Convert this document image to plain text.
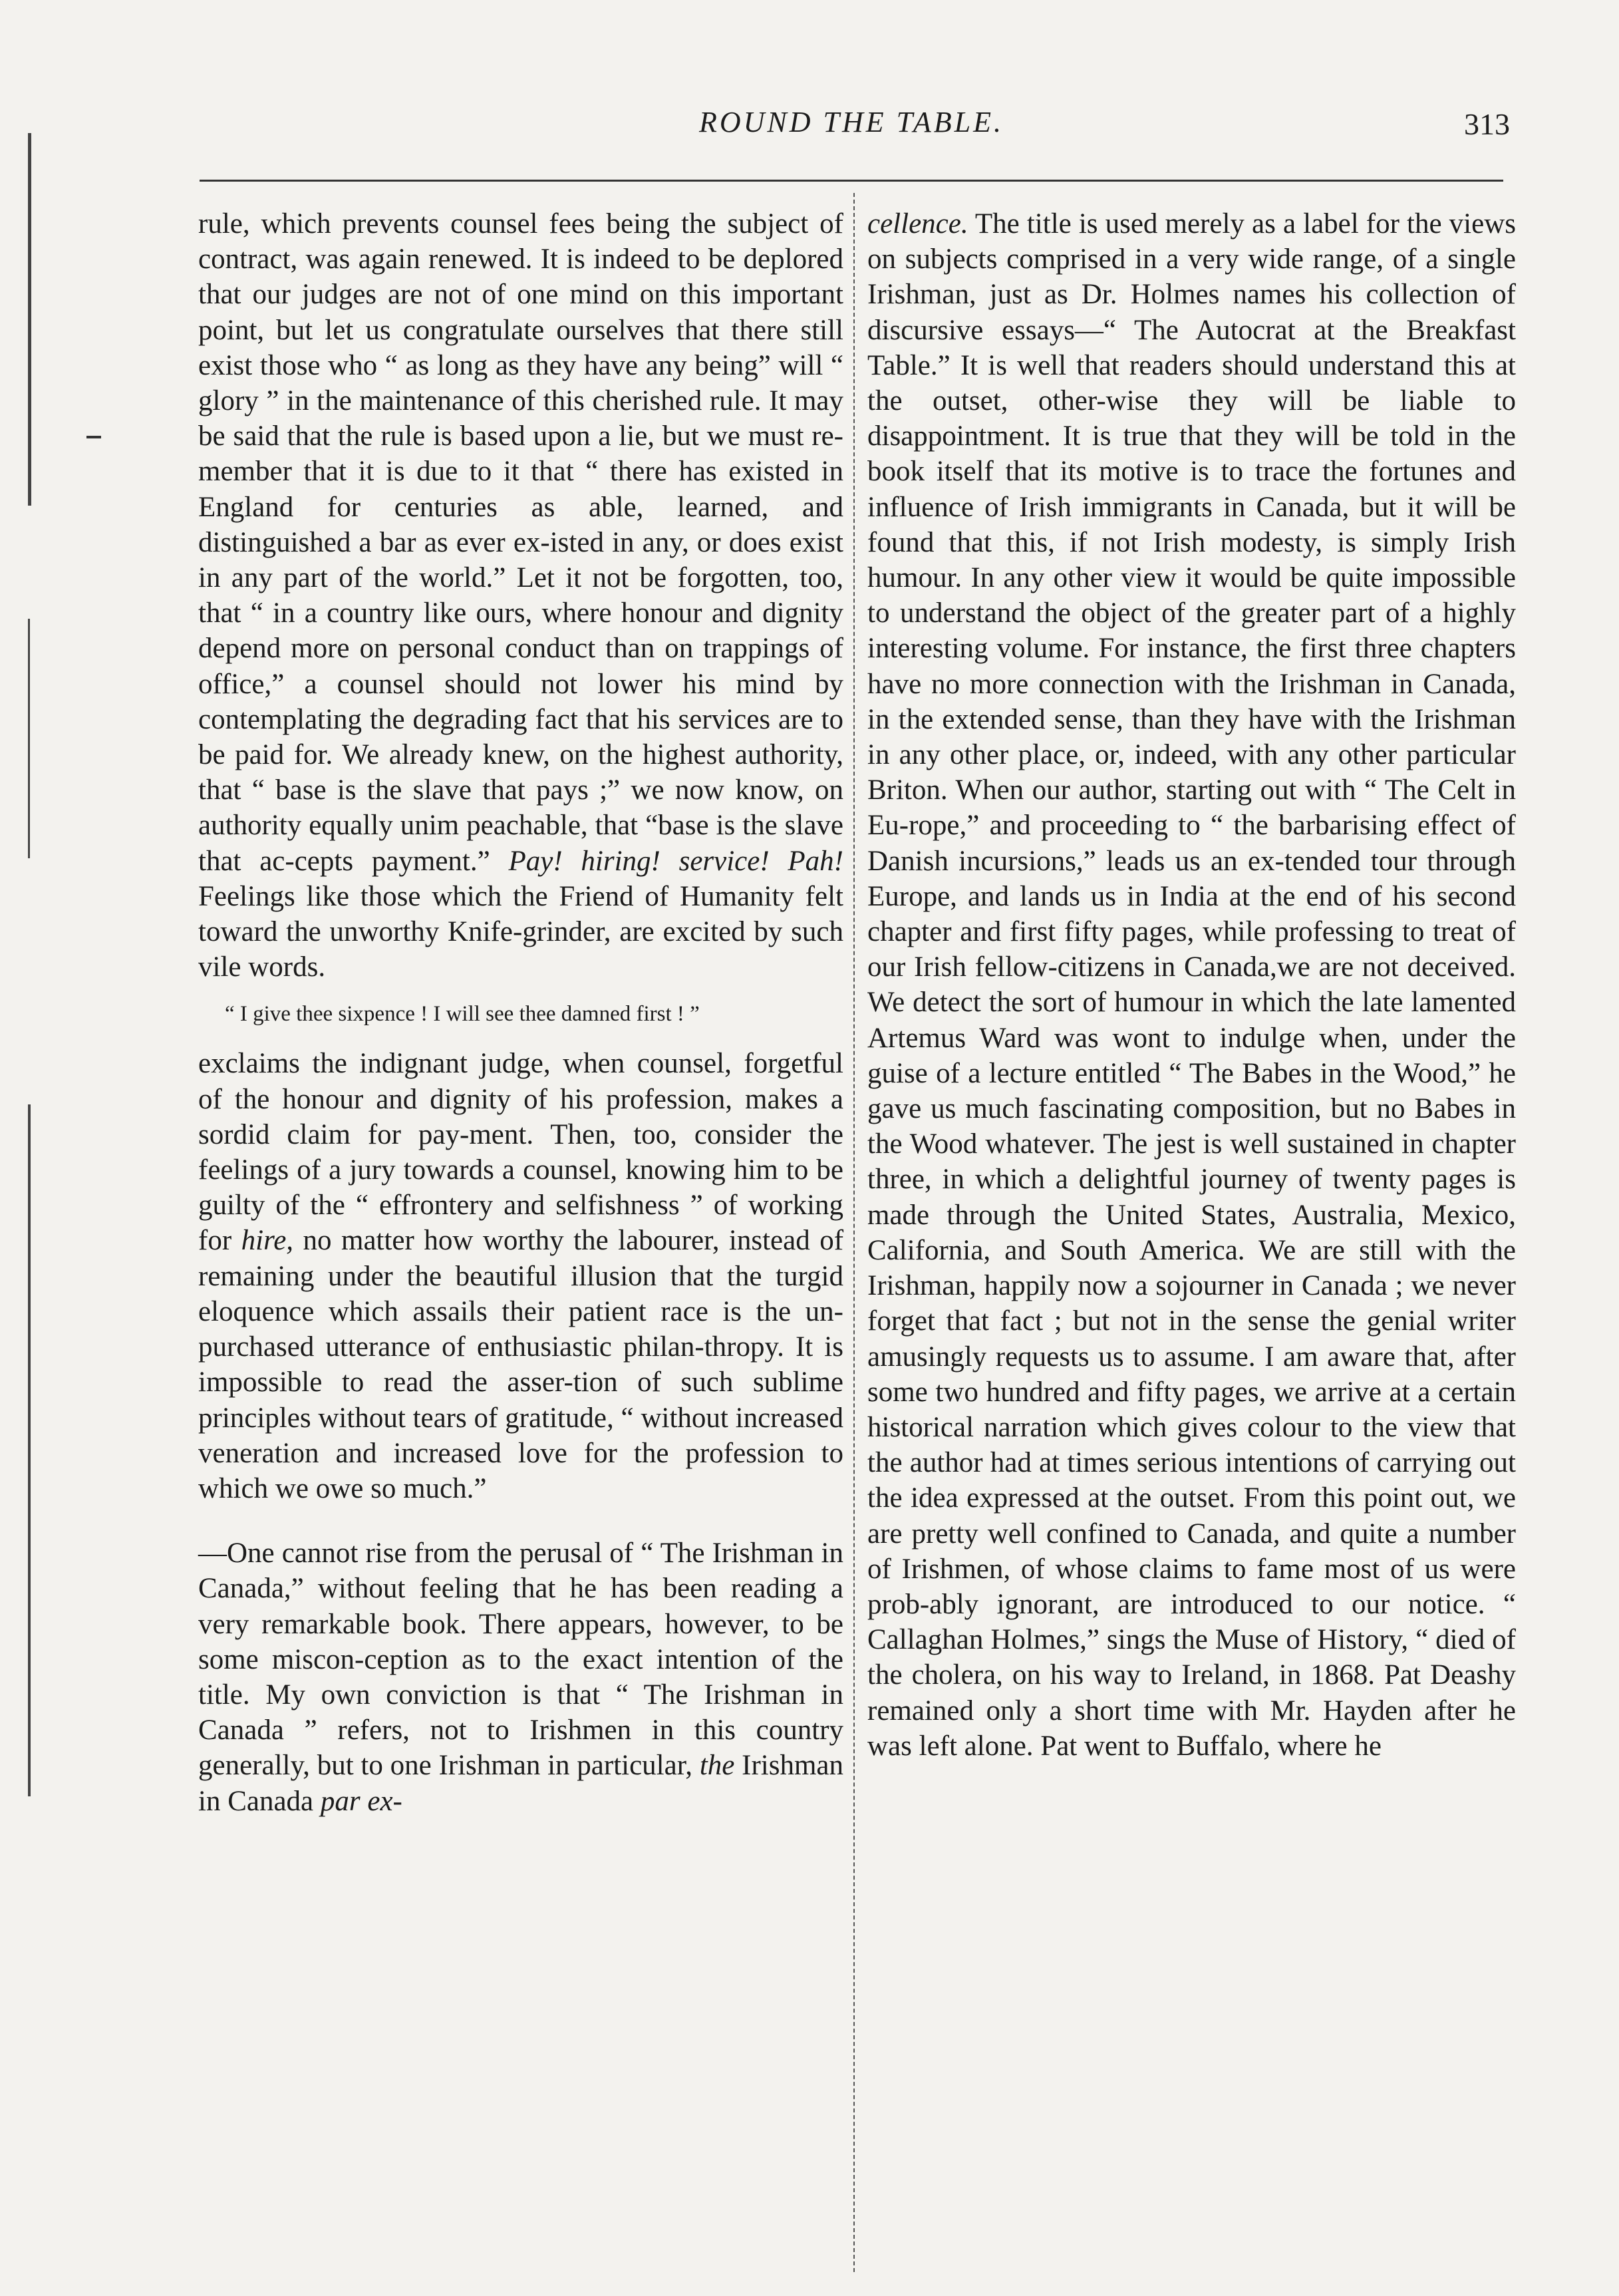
ROUND THE TABLE.	313

rule, which prevents counsel fees being the subject of contract, was again renewed. It is indeed to be deplored that our judges are not of one mind on this important point, but let us congratulate ourselves that there still exist those who “ as long as they have any being” will “ glory ” in the maintenance of this cherished rule. It may be said that the rule is based upon a lie, but we must re-member that it is due to it that “ there has existed in England for centuries as able, learned, and distinguished a bar as ever ex-isted in any, or does exist in any part of the world.” Let it not be forgotten, too, that “ in a country like ours, where honour and dignity depend more on personal conduct than on trappings of office,” a counsel should not lower his mind by contemplating the degrading fact that his services are to be paid for. We already knew, on the highest authority, that “ base is the slave that pays ;” we now know, on authority equally unim peachable, that “base is the slave that ac-cepts payment.” Pay! hiring! service! Pah! Feelings like those which the Friend of Humanity felt toward the unworthy Knife-grinder, are excited by such vile words.

“ I give thee sixpence ! I will see thee damned first ! ”

exclaims the indignant judge, when counsel, forgetful of the honour and dignity of his profession, makes a sordid claim for pay-ment. Then, too, consider the feelings of a jury towards a counsel, knowing him to be guilty of the “ effrontery and selfishness ” of working for hire, no matter how worthy the labourer, instead of remaining under the beautiful illusion that the turgid eloquence which assails their patient race is the un-purchased utterance of enthusiastic philan-thropy. It is impossible to read the asser-tion of such sublime principles without tears of gratitude, “ without increased veneration and increased love for the profession to which we owe so much.”

—One cannot rise from the perusal of “ The Irishman in Canada,” without feeling that he has been reading a very remarkable book. There appears, however, to be some miscon-ception as to the exact intention of the title. My own conviction is that “ The Irishman in Canada ” refers, not to Irishmen in this country generally, but to one Irishman in particular, the Irishman in Canada par ex-

cellence. The title is used merely as a label for the views on subjects comprised in a very wide range, of a single Irishman, just as Dr. Holmes names his collection of discursive essays—“ The Autocrat at the Breakfast Table.” It is well that readers should understand this at the outset, other-wise they will be liable to disappointment. It is true that they will be told in the book itself that its motive is to trace the fortunes and influence of Irish immigrants in Canada, but it will be found that this, if not Irish modesty, is simply Irish humour. In any other view it would be quite impossible to understand the object of the greater part of a highly interesting volume. For instance, the first three chapters have no more connection with the Irishman in Canada, in the extended sense, than they have with the Irishman in any other place, or, indeed, with any other particular Briton. When our author, starting out with “ The Celt in Eu-rope,” and proceeding to “ the barbarising effect of Danish incursions,” leads us an ex-tended tour through Europe, and lands us in India at the end of his second chapter and first fifty pages, while professing to treat of our Irish fellow-citizens in Canada,we are not deceived. We detect the sort of humour in which the late lamented Artemus Ward was wont to indulge when, under the guise of a lecture entitled “ The Babes in the Wood,” he gave us much fascinating composition, but no Babes in the Wood whatever. The jest is well sustained in chapter three, in which a delightful journey of twenty pages is made through the United States, Australia, Mexico, California, and South America. We are still with the Irishman, happily now a sojourner in Canada ; we never forget that fact ; but not in the sense the genial writer amusingly requests us to assume. I am aware that, after some two hundred and fifty pages, we arrive at a certain historical narration which gives colour to the view that the author had at times serious intentions of carrying out the idea expressed at the outset. From this point out, we are pretty well confined to Canada, and quite a number of Irishmen, of whose claims to fame most of us were prob-ably ignorant, are introduced to our notice. “ Callaghan Holmes,” sings the Muse of History, “ died of the cholera, on his way to Ireland, in 1868. Pat Deashy remained only a short time with Mr. Hayden after he was left alone. Pat went to Buffalo, where he
